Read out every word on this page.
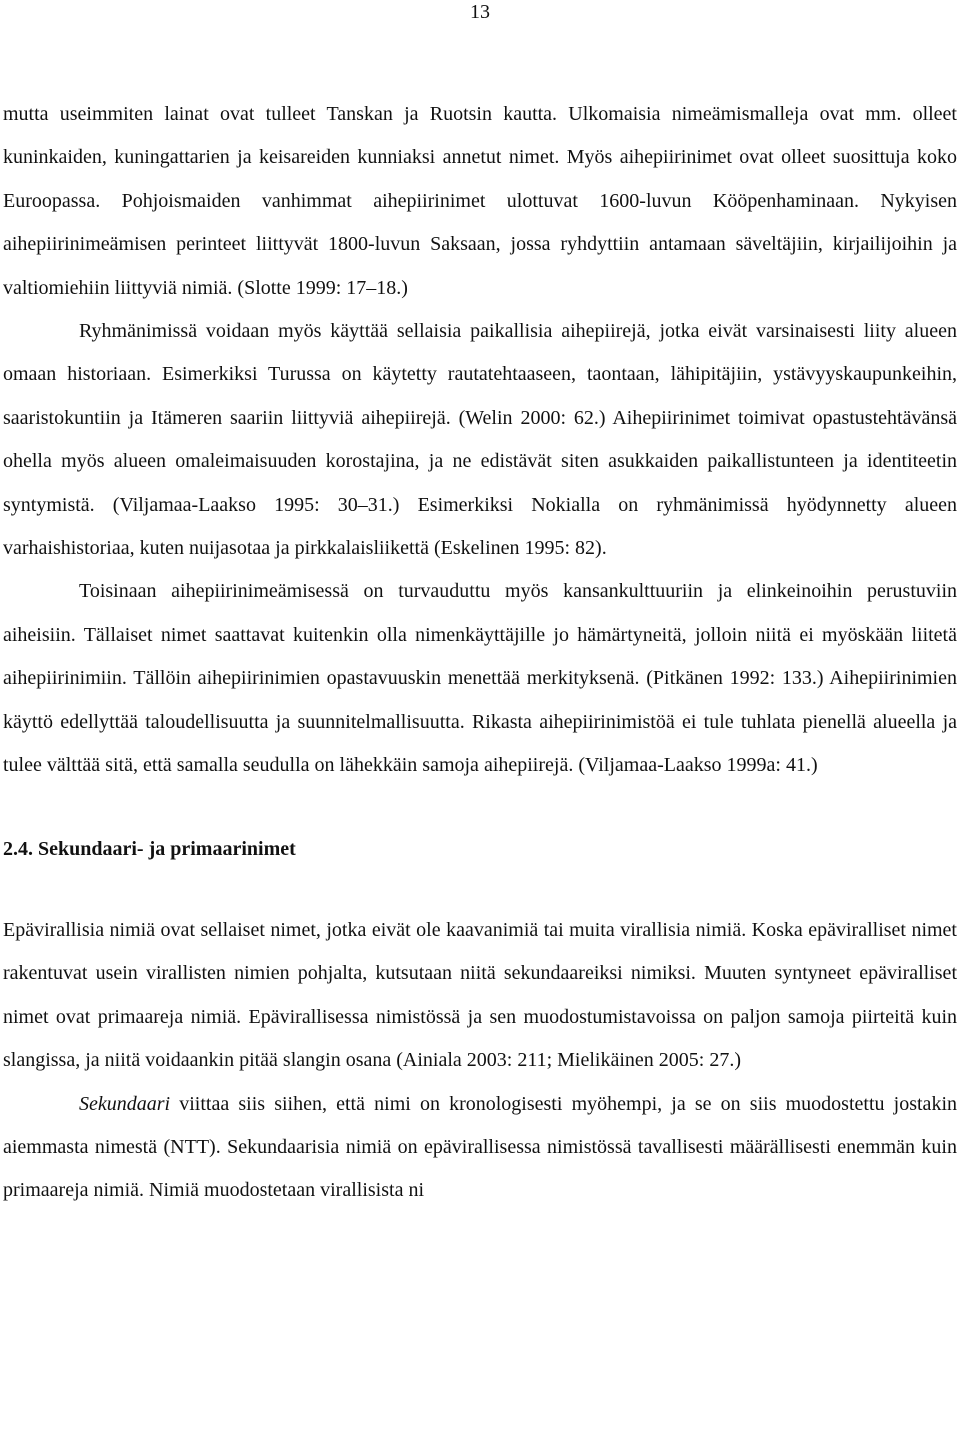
13

mutta useimmiten lainat ovat tulleet Tanskan ja Ruotsin kautta. Ulkomaisia nimeämismalleja ovat mm. olleet kuninkaiden, kuningattarien ja keisareiden kunniaksi annetut nimet. Myös aihepiirinimet ovat olleet suosittuja koko Euroopassa. Pohjoismaiden vanhimmat aihepiirinimet ulottuvat 1600-luvun Kööpenhaminaan. Nykyisen aihepiirinimeämisen perinteet liittyvät 1800-luvun Saksaan, jossa ryhdyttiin antamaan säveltäjiin, kirjailijoihin ja valtiomiehiin liittyviä nimiä. (Slotte 1999: 17–18.)

Ryhmänimissä voidaan myös käyttää sellaisia paikallisia aihepiirejä, jotka eivät varsinaisesti liity alueen omaan historiaan. Esimerkiksi Turussa on käytetty rautatehtaaseen, taontaan, lähipitäjiin, ystävyyskaupunkeihin, saaristokuntiin ja Itämeren saariin liittyviä aihepiirejä. (Welin 2000: 62.) Aihepiirinimet toimivat opastustehtävänsä ohella myös alueen omaleimaisuuden korostajina, ja ne edistävät siten asukkaiden paikallistunteen ja identiteetin syntymistä. (Viljamaa-Laakso 1995: 30–31.) Esimerkiksi Nokialla on ryhmänimissä hyödynnetty alueen varhaishistoriaa, kuten nuijasotaa ja pirkkalaisliikettä (Eskelinen 1995: 82).

Toisinaan aihepiirinimeämisessä on turvauduttu myös kansankulttuuriin ja elinkeinoihin perustuviin aiheisiin. Tällaiset nimet saattavat kuitenkin olla nimenkäyttäjille jo hämärtyneitä, jolloin niitä ei myöskään liitetä aihepiirinimiin. Tällöin aihepiirinimien opastavuuskin menettää merkityksenä. (Pitkänen 1992: 133.) Aihepiirinimien käyttö edellyttää taloudellisuutta ja suunnitelmallisuutta. Rikasta aihepiirinimistöä ei tule tuhlata pienellä alueella ja tulee välttää sitä, että samalla seudulla on lähekkäin samoja aihepiirejä. (Viljamaa-Laakso 1999a: 41.)

2.4. Sekundaari- ja primaarinimet

Epävirallisia nimiä ovat sellaiset nimet, jotka eivät ole kaavanimiä tai muita virallisia nimiä. Koska epäviralliset nimet rakentuvat usein virallisten nimien pohjalta, kutsutaan niitä sekundaareiksi nimiksi. Muuten syntyneet epäviralliset nimet ovat primaareja nimiä. Epävirallisessa nimistössä ja sen muodostumistavoissa on paljon samoja piirteitä kuin slangissa, ja niitä voidaankin pitää slangin osana (Ainiala 2003: 211; Mielikäinen 2005: 27.)

Sekundaari viittaa siis siihen, että nimi on kronologisesti myöhempi, ja se on siis muodostettu jostakin aiemmasta nimestä (NTT). Sekundaarisia nimiä on epävirallisessa nimistössä tavallisesti määrällisesti enemmän kuin primaareja nimiä. Nimiä muodostetaan virallisista ni
